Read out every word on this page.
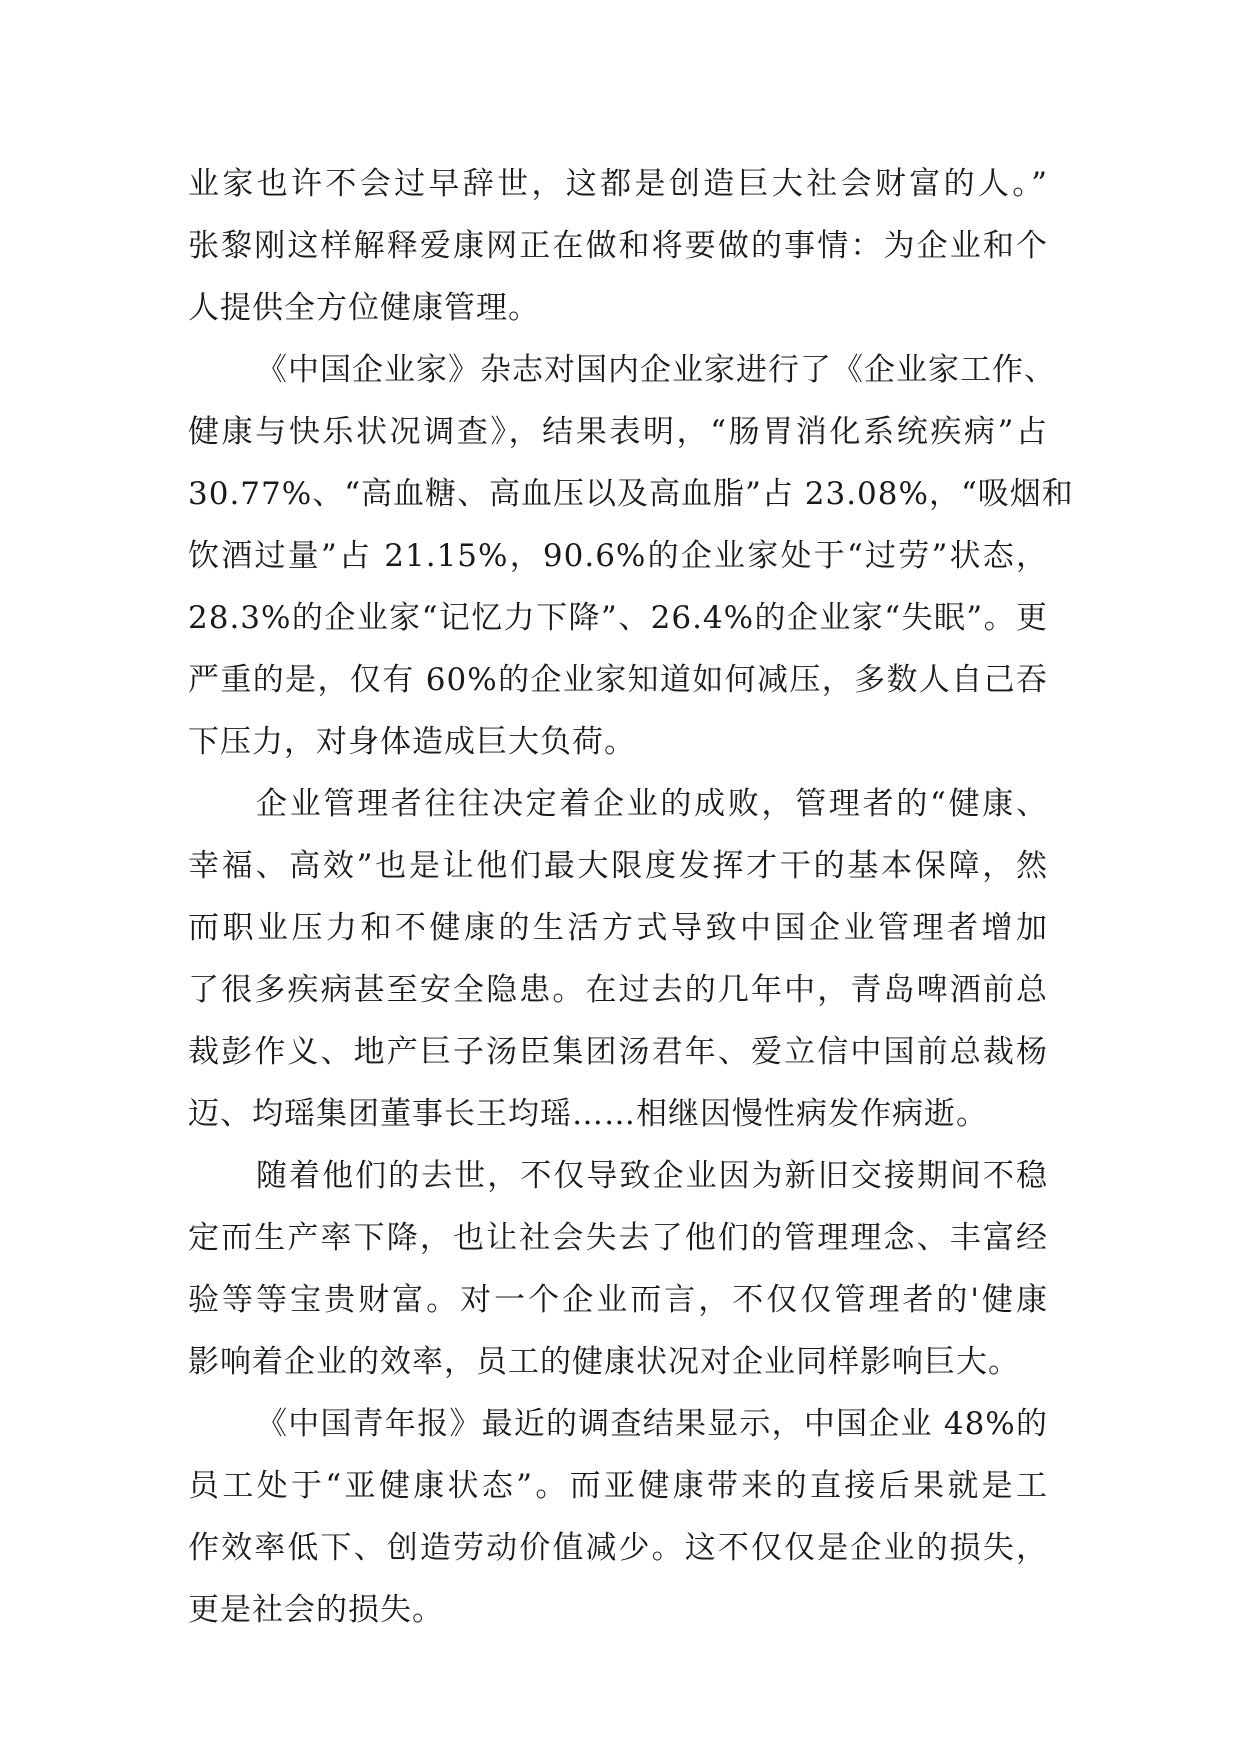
业家也许不会过早辞世，这都是创造巨大社会财富的人。”
张黎刚这样解释爱康网正在做和将要做的事情：为企业和个
人提供全方位健康管理。
《中国企业家》杂志对国内企业家进行了《企业家工作、
健康与快乐状况调查》，结果表明，“肠胃消化系统疾病”占
30.77%、“高血糖、高血压以及高血脂”占 23.08%，“吸烟和
饮酒过量”占 21.15%，90.6%的企业家处于“过劳”状态，
28.3%的企业家“记忆力下降”、26.4%的企业家“失眠”。更
严重的是，仅有 60%的企业家知道如何减压，多数人自己吞
下压力，对身体造成巨大负荷。
企业管理者往往决定着企业的成败，管理者的“健康、
幸福、高效”也是让他们最大限度发挥才干的基本保障，然
而职业压力和不健康的生活方式导致中国企业管理者增加
了很多疾病甚至安全隐患。在过去的几年中，青岛啤酒前总
裁彭作义、地产巨子汤臣集团汤君年、爱立信中国前总裁杨
迈、均瑶集团董事长王均瑶……相继因慢性病发作病逝。
随着他们的去世，不仅导致企业因为新旧交接期间不稳
定而生产率下降，也让社会失去了他们的管理理念、丰富经
验等等宝贵财富。对一个企业而言，不仅仅管理者的'健康
影响着企业的效率，员工的健康状况对企业同样影响巨大。
《中国青年报》最近的调查结果显示，中国企业 48%的
员工处于“亚健康状态”。而亚健康带来的直接后果就是工
作效率低下、创造劳动价值减少。这不仅仅是企业的损失，
更是社会的损失。
